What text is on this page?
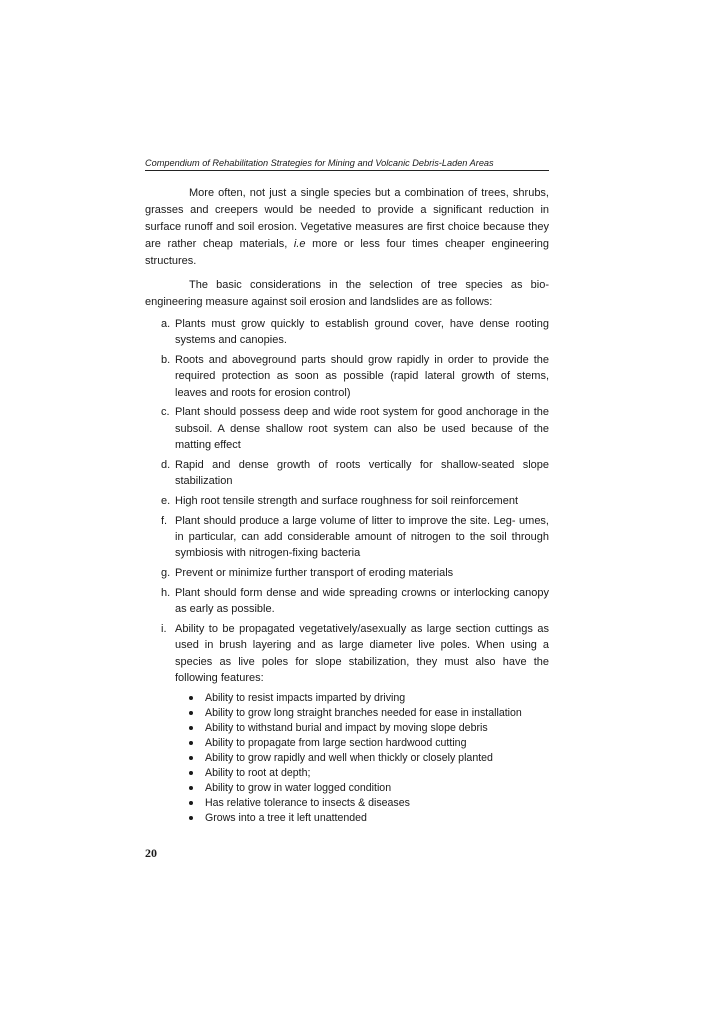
Compendium of Rehabilitation Strategies for Mining and Volcanic Debris-Laden Areas

More often, not just a single species but a combination of trees, shrubs, grasses and creepers would be needed to provide a significant reduction in surface runoff and soil erosion. Vegetative measures are first choice because they are rather cheap materials, i.e more or less four times cheaper engineering structures.

The basic considerations in the selection of tree species as bio-engineering measure against soil erosion and landslides are as follows:

a. Plants must grow quickly to establish ground cover, have dense rooting systems and canopies.
b. Roots and aboveground parts should grow rapidly in order to provide the required protection as soon as possible (rapid lateral growth of stems, leaves and roots for erosion control)
c. Plant should possess deep and wide root system for good anchorage in the subsoil. A dense shallow root system can also be used because of the matting effect
d. Rapid and dense growth of roots vertically for shallow-seated slope stabilization
e. High root tensile strength and surface roughness for soil reinforcement
f. Plant should produce a large volume of litter to improve the site. Leg- umes, in particular, can add considerable amount of nitrogen to the soil through symbiosis with nitrogen-fixing bacteria
g. Prevent or minimize further transport of eroding materials
h. Plant should form dense and wide spreading crowns or interlocking canopy as early as possible.
i. Ability to be propagated vegetatively/asexually as large section cuttings as used in brush layering and as large diameter live poles. When using a species as live poles for slope stabilization, they must also have the following features:
Ability to resist impacts imparted by driving
Ability to grow long straight branches needed for ease in installation
Ability to withstand burial and impact by moving slope debris
Ability to propagate from large section hardwood cutting
Ability to grow rapidly and well when thickly or closely planted
Ability to root at depth;
Ability to grow in water logged condition
Has relative tolerance to insects & diseases
Grows into a tree it left unattended
20
